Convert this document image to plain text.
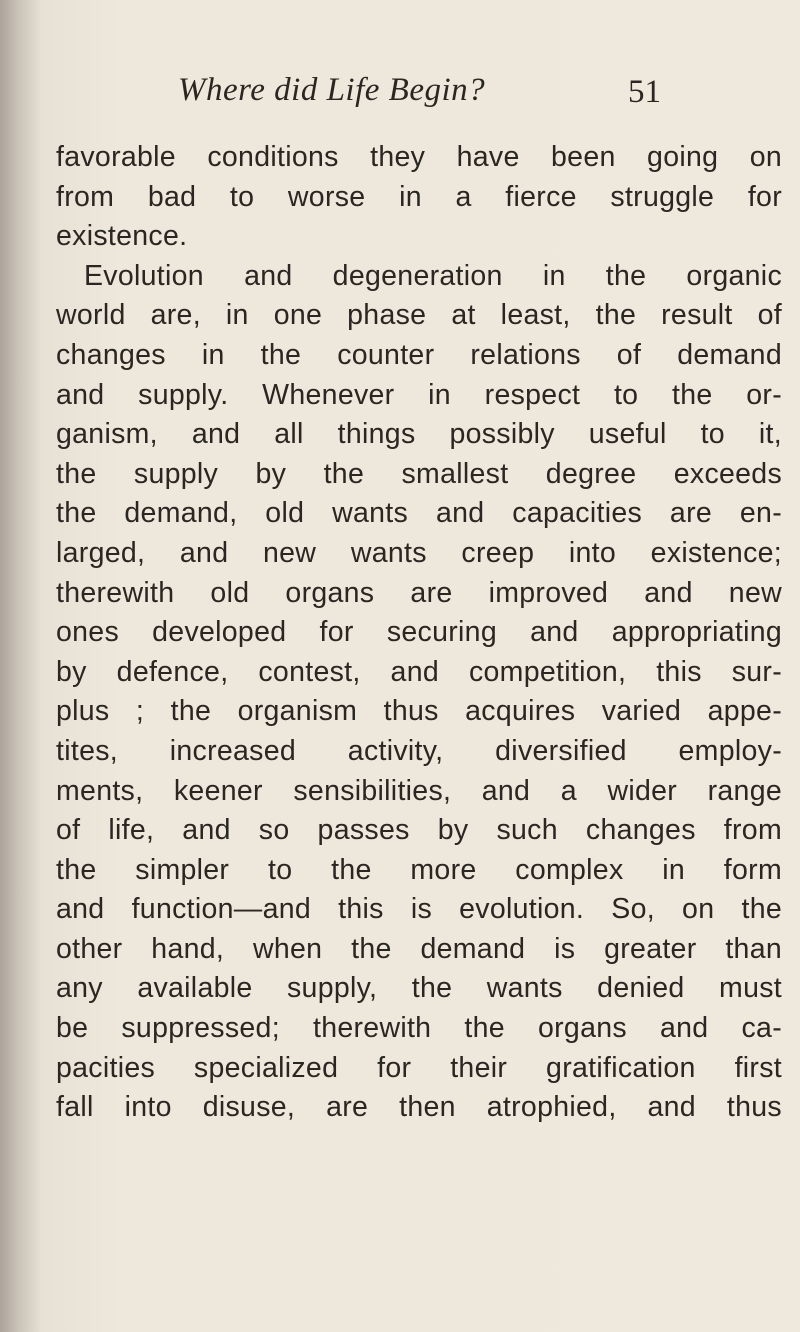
Where did Life Begin?	51
favorable conditions they have been going on
from bad to worse in a fierce struggle for
existence.
Evolution and degeneration in the organic
world are, in one phase at least, the result of
changes in the counter relations of demand
and supply. Whenever in respect to the or-
ganism, and all things possibly useful to it,
the supply by the smallest degree exceeds
the demand, old wants and capacities are en-
larged, and new wants creep into existence;
therewith old organs are improved and new
ones developed for securing and appropriating
by defence, contest, and competition, this sur-
plus ; the organism thus acquires varied appe-
tites, increased activity, diversified employ-
ments, keener sensibilities, and a wider range
of life, and so passes by such changes from
the simpler to the more complex in form
and function—and this is evolution. So, on the
other hand, when the demand is greater than
any available supply, the wants denied must
be suppressed; therewith the organs and ca-
pacities specialized for their gratification first
fall into disuse, are then atrophied, and thus
